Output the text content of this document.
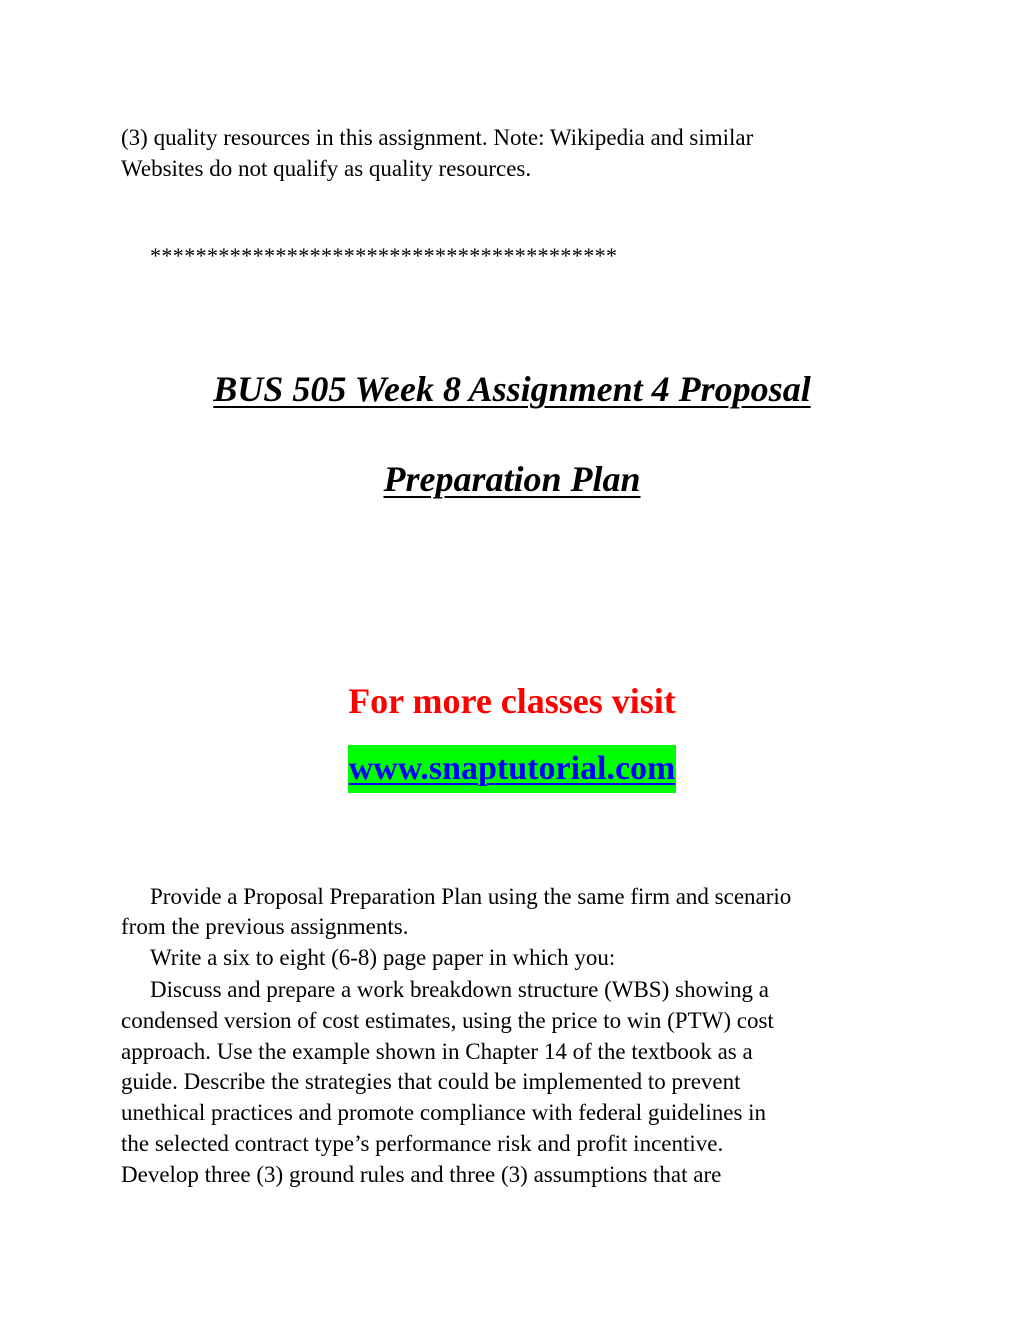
(3) quality resources in this assignment. Note: Wikipedia and similar
Websites do not qualify as quality resources.
*****************************************
BUS 505 Week 8 Assignment 4 Proposal
Preparation Plan
For more classes visit
www.snaptutorial.com
Provide a Proposal Preparation Plan using the same firm and scenario
from the previous assignments.
Write a six to eight (6-8) page paper in which you:
Discuss and prepare a work breakdown structure (WBS) showing a
condensed version of cost estimates, using the price to win (PTW) cost
approach. Use the example shown in Chapter 14 of the textbook as a
guide. Describe the strategies that could be implemented to prevent
unethical practices and promote compliance with federal guidelines in
the selected contract type’s performance risk and profit incentive.
Develop three (3) ground rules and three (3) assumptions that are
